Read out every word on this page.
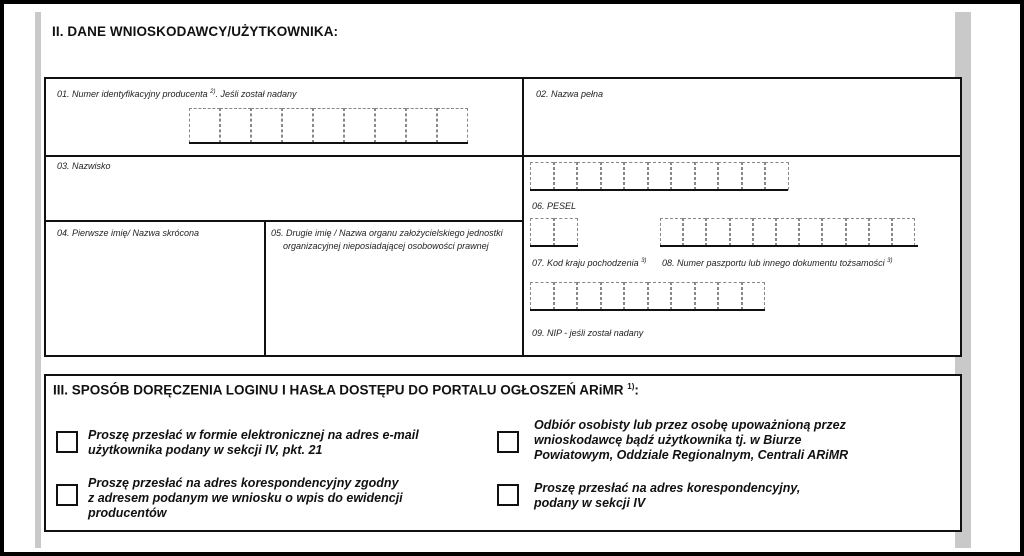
II. DANE WNIOSKODAWCY/UŻYTKOWNIKA:
01. Numer identyfikacyjny producenta $^{2)}$. Jeśli został nadany	02. Nazwa pełna
03. Nazwisko
04. Pierwsze imię/ Nazwa skrócona	05. Drugie imię / Nazwa organu założycielskiego jednostki
organizacyjnej nieposiadającej osobowości prawnej
06. PESEL
07. Kod kraju pochodzenia $^{3)}$ 08. Numer paszportu lub innego dokumentu tożsamości $^{3)}$
09. NIP - jeśli został nadany
III. SPOSÓB DORĘCZENIA LOGINU I HASŁA DOSTĘPU DO PORTALU OGŁOSZEŃ ARiMR $^{1)}$:
Proszę przesłać w formie elektronicznej na adres e-mail
użytkownika podany w sekcji IV, pkt. 21
Proszę przesłać na adres korespondencyjny zgodny
z adresem podanym we wniosku o wpis do ewidencji
producentów
Odbiór osobisty lub przez osobę upoważnioną przez
wnioskodawcę bądź użytkownika tj. w Biurze
Powiatowym, Oddziale Regionalnym, Centrali ARiMR
Proszę przesłać na adres korespondencyjny,
podany w sekcji IV
